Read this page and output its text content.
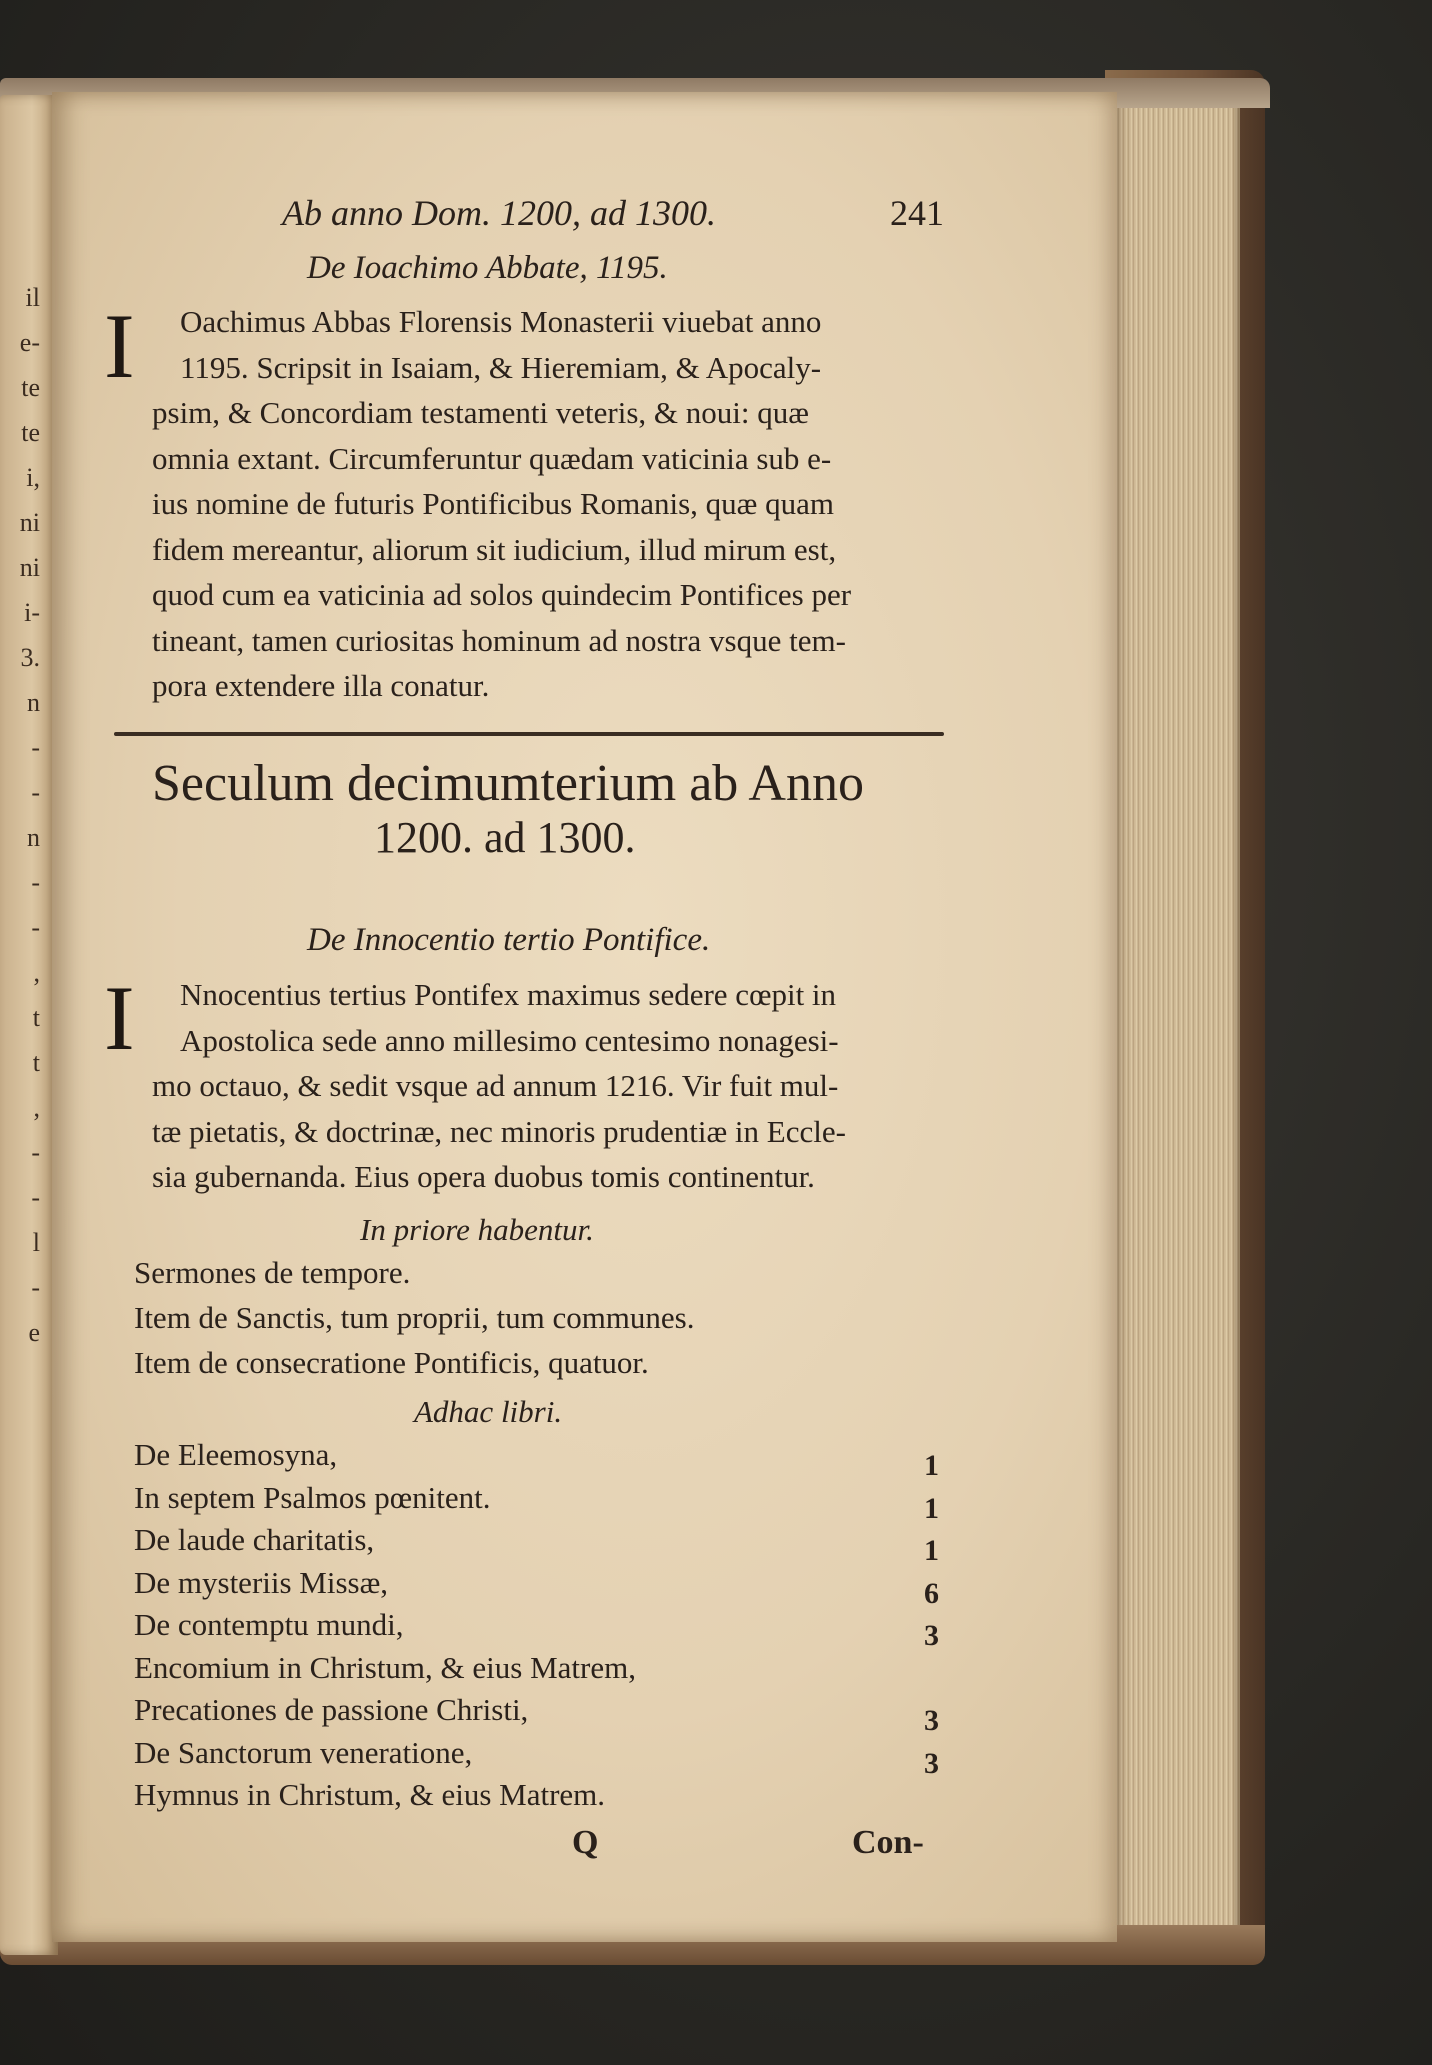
il
e-
te
te
i,
ni
ni
i-
3.
n
-
-
n
-
-
,
t
t
,
-
-
l
-
e
Ab anno Dom. 1200, ad 1300.	241
De Ioachimo Abbate, 1195.
I Oachimus Abbas Florensis Monasterii viuebat anno
1195. Scripsit in Isaiam, & Hieremiam, & Apocaly-
psim, & Concordiam testamenti veteris, & noui: quæ
omnia extant. Circumferuntur quædam vaticinia sub e-
ius nomine de futuris Pontificibus Romanis, quæ quam
fidem mereantur, aliorum sit iudicium, illud mirum est,
quod cum ea vaticinia ad solos quindecim Pontifices per
tineant, tamen curiositas hominum ad nostra vsque tem-
pora extendere illa conatur.
Seculum decimumterium ab Anno
1200. ad 1300.
De Innocentio tertio Pontifice.
I Nnocentius tertius Pontifex maximus sedere cœpit in
Apostolica sede anno millesimo centesimo nonagesi-
mo octauo, & sedit vsque ad annum 1216. Vir fuit mul-
tæ pietatis, & doctrinæ, nec minoris prudentiæ in Eccle-
sia gubernanda. Eius opera duobus tomis continentur.
In priore habentur.
Sermones de tempore.
Item de Sanctis, tum proprii, tum communes.
Item de consecratione Pontificis, quatuor.
Adhac libri.
De Eleemosyna,	1
In septem Psalmos pœnitent.	1
De laude charitatis,	1
De mysteriis Missæ,	6
De contemptu mundi,	3
Encomium in Christum, & eius Matrem,
Precationes de passione Christi,	3
De Sanctorum veneratione,	3
Hymnus in Christum, & eius Matrem.
Q	Con-
